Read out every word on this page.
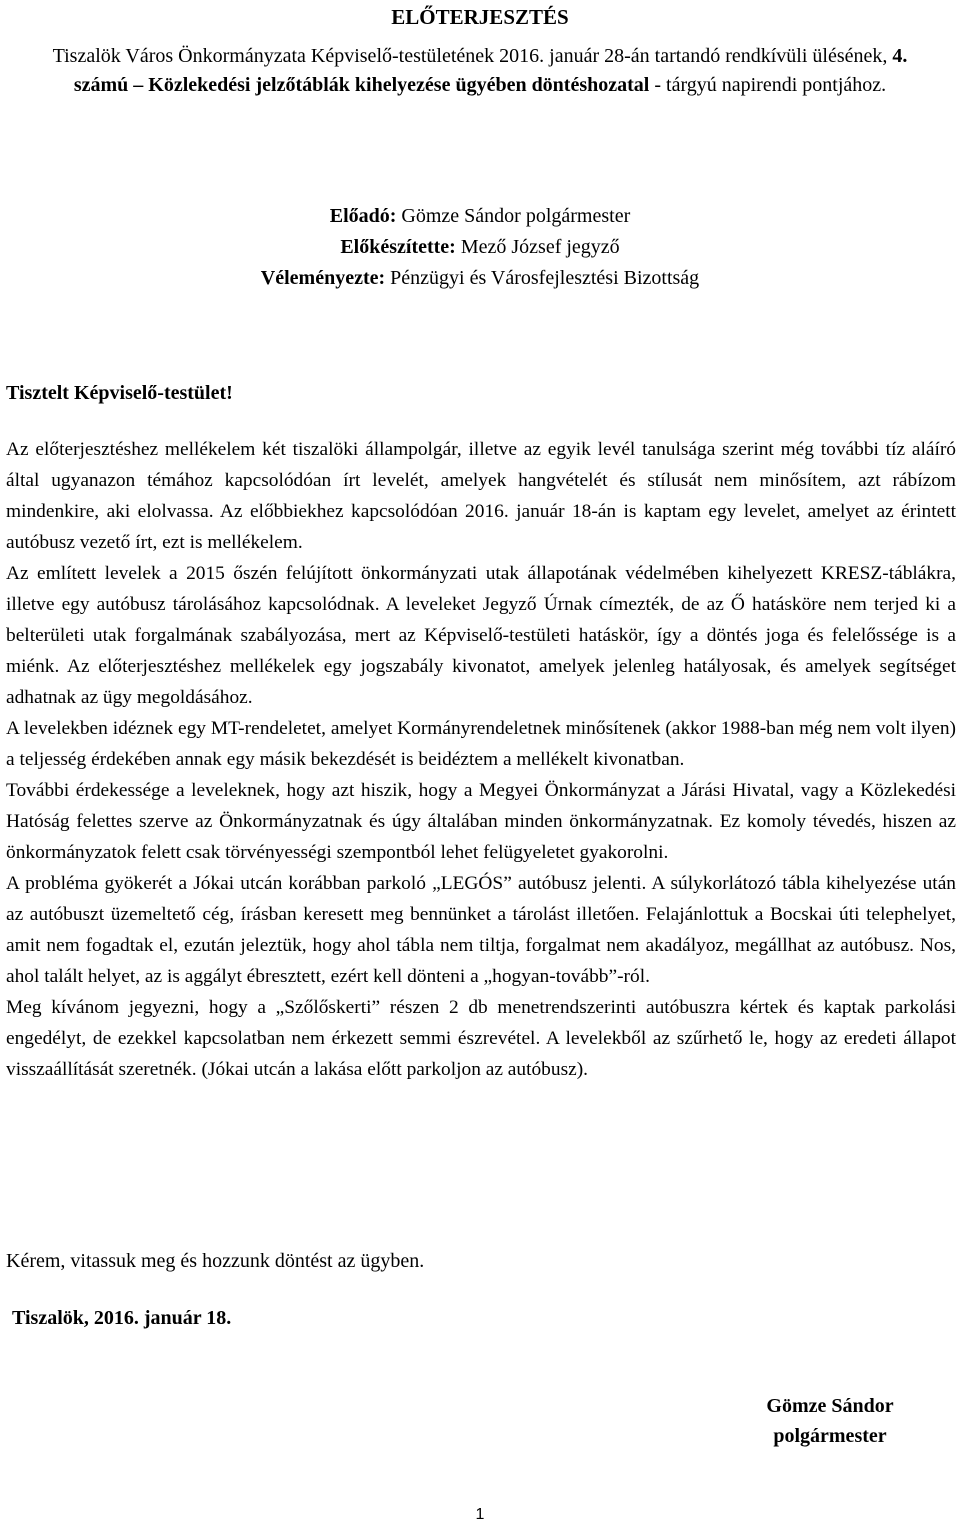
ELŐTERJESZTÉS
Tiszalök Város Önkormányzata Képviselő-testületének 2016. január 28-án tartandó rendkívüli ülésének, 4. számú – Közlekedési jelzőtáblák kihelyezése ügyében döntéshozatal - tárgyú napirendi pontjához.
Előadó: Gömze Sándor polgármester
Előkészítette: Mező József jegyző
Véleményezte: Pénzügyi és Városfejlesztési Bizottság
Tisztelt Képviselő-testület!

Az előterjesztéshez mellékelem két tiszalöki állampolgár, illetve az egyik levél tanulsága szerint még további tíz aláíró által ugyanazon témához kapcsolódóan írt levelét, amelyek hangvételét és stílusát nem minősítem, azt rábízom mindenkire, aki elolvassa. Az előbbiekhez kapcsolódóan 2016. január 18-án is kaptam egy levelet, amelyet az érintett autóbusz vezető írt, ezt is mellékelem.

Az említett levelek a 2015 őszén felújított önkormányzati utak állapotának védelmében kihelyezett KRESZ-táblákra, illetve egy autóbusz tárolásához kapcsolódnak. A leveleket Jegyző Úrnak címezték, de az Ő hatásköre nem terjed ki a belterületi utak forgalmának szabályozása, mert az Képviselő-testületi hatáskör, így a döntés joga és felelőssége is a miénk. Az előterjesztéshez mellékelek egy jogszabály kivonatot, amelyek jelenleg hatályosak, és amelyek segítséget adhatnak az ügy megoldásához.

A levelekben idéznek egy MT-rendeletet, amelyet Kormányrendeletnek minősítenek (akkor 1988-ban még nem volt ilyen) a teljesség érdekében annak egy másik bekezdését is beidéztem a mellékelt kivonatban.

További érdekessége a leveleknek, hogy azt hiszik, hogy a Megyei Önkormányzat a Járási Hivatal, vagy a Közlekedési Hatóság felettes szerve az Önkormányzatnak és úgy általában minden önkormányzatnak. Ez komoly tévedés, hiszen az önkormányzatok felett csak törvényességi szempontból lehet felügyeletet gyakorolni.

A probléma gyökerét a Jókai utcán korábban parkoló „LEGÓS” autóbusz jelenti. A súlykorlátozó tábla kihelyezése után az autóbuszt üzemeltető cég, írásban keresett meg bennünket a tárolást illetően. Felajánlottuk a Bocskai úti telephelyet, amit nem fogadtak el, ezután jeleztük, hogy ahol tábla nem tiltja, forgalmat nem akadályoz, megállhat az autóbusz. Nos, ahol talált helyet, az is aggályt ébresztett, ezért kell dönteni a „hogyan-tovább”-ról.

Meg kívánom jegyezni, hogy a „Szőlőskerti” részen 2 db menetrendszerinti autóbuszra kértek és kaptak parkolási engedélyt, de ezekkel kapcsolatban nem érkezett semmi észrevétel. A levelekből az szűrhető le, hogy az eredeti állapot visszaállítását szeretnék. (Jókai utcán a lakása előtt parkoljon az autóbusz).

Kérem, vitassuk meg és hozzunk döntést az ügyben.
Tiszalök, 2016. január 18.
Gömze Sándor
polgármester
1
